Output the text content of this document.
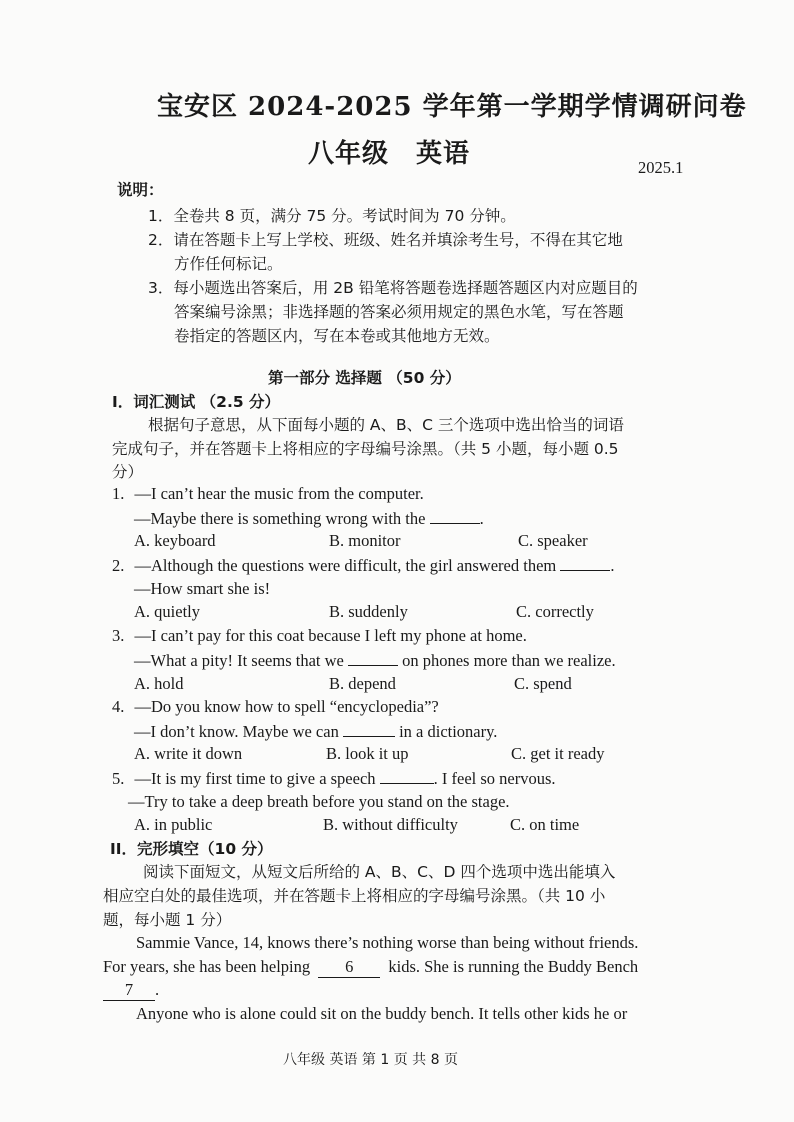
宝安区 2024-2025 学年第一学期学情调研问卷
八年级　英语	2025.1
说明：
1．全卷共 8 页，满分 75 分。考试时间为 70 分钟。
2．请在答题卡上写上学校、班级、姓名并填涂考生号，不得在其它地
方作任何标记。
3．每小题选出答案后，用 2B 铅笔将答题卷选择题答题区内对应题目的
答案编号涂黑；非选择题的答案必须用规定的黑色水笔，写在答题
卷指定的答题区内，写在本卷或其他地方无效。
第一部分 选择题 （50 分）
I．词汇测试 （2.5 分）
根据句子意思，从下面每小题的 A、B、C 三个选项中选出恰当的词语
完成句子，并在答题卡上将相应的字母编号涂黑。（共 5 小题，每小题 0.5
分）
1. —I can’t hear the music from the computer.
—Maybe there is something wrong with the	.
A. keyboard	B. monitor	C. speaker
2. —Although the questions were difficult, the girl answered them	.
—How smart she is!
A. quietly	B. suddenly	C. correctly
3. —I can’t pay for this coat because I left my phone at home.
—What a pity! It seems that we	on phones more than we realize.
A. hold	B. depend	C. spend
4. —Do you know how to spell “encyclopedia”?
—I don’t know. Maybe we can	in a dictionary.
A. write it down	B. look it up	C. get it ready
5. —It is my first time to give a speech	. I feel so nervous.
—Try to take a deep breath before you stand on the stage.
A. in public	B. without difficulty	C. on time
II．完形填空（10 分）
阅读下面短文，从短文后所给的 A、B、C、D 四个选项中选出能填入
相应空白处的最佳选项，并在答题卡上将相应的字母编号涂黑。（共 10 小
题，每小题 1 分）
Sammie Vance, 14, knows there’s nothing worse than being without friends.
For years, she has been helping 6 kids. She is running the Buddy Bench
7 .
Anyone who is alone could sit on the buddy bench. It tells other kids he or
八年级 英语 第 1 页 共 8 页
